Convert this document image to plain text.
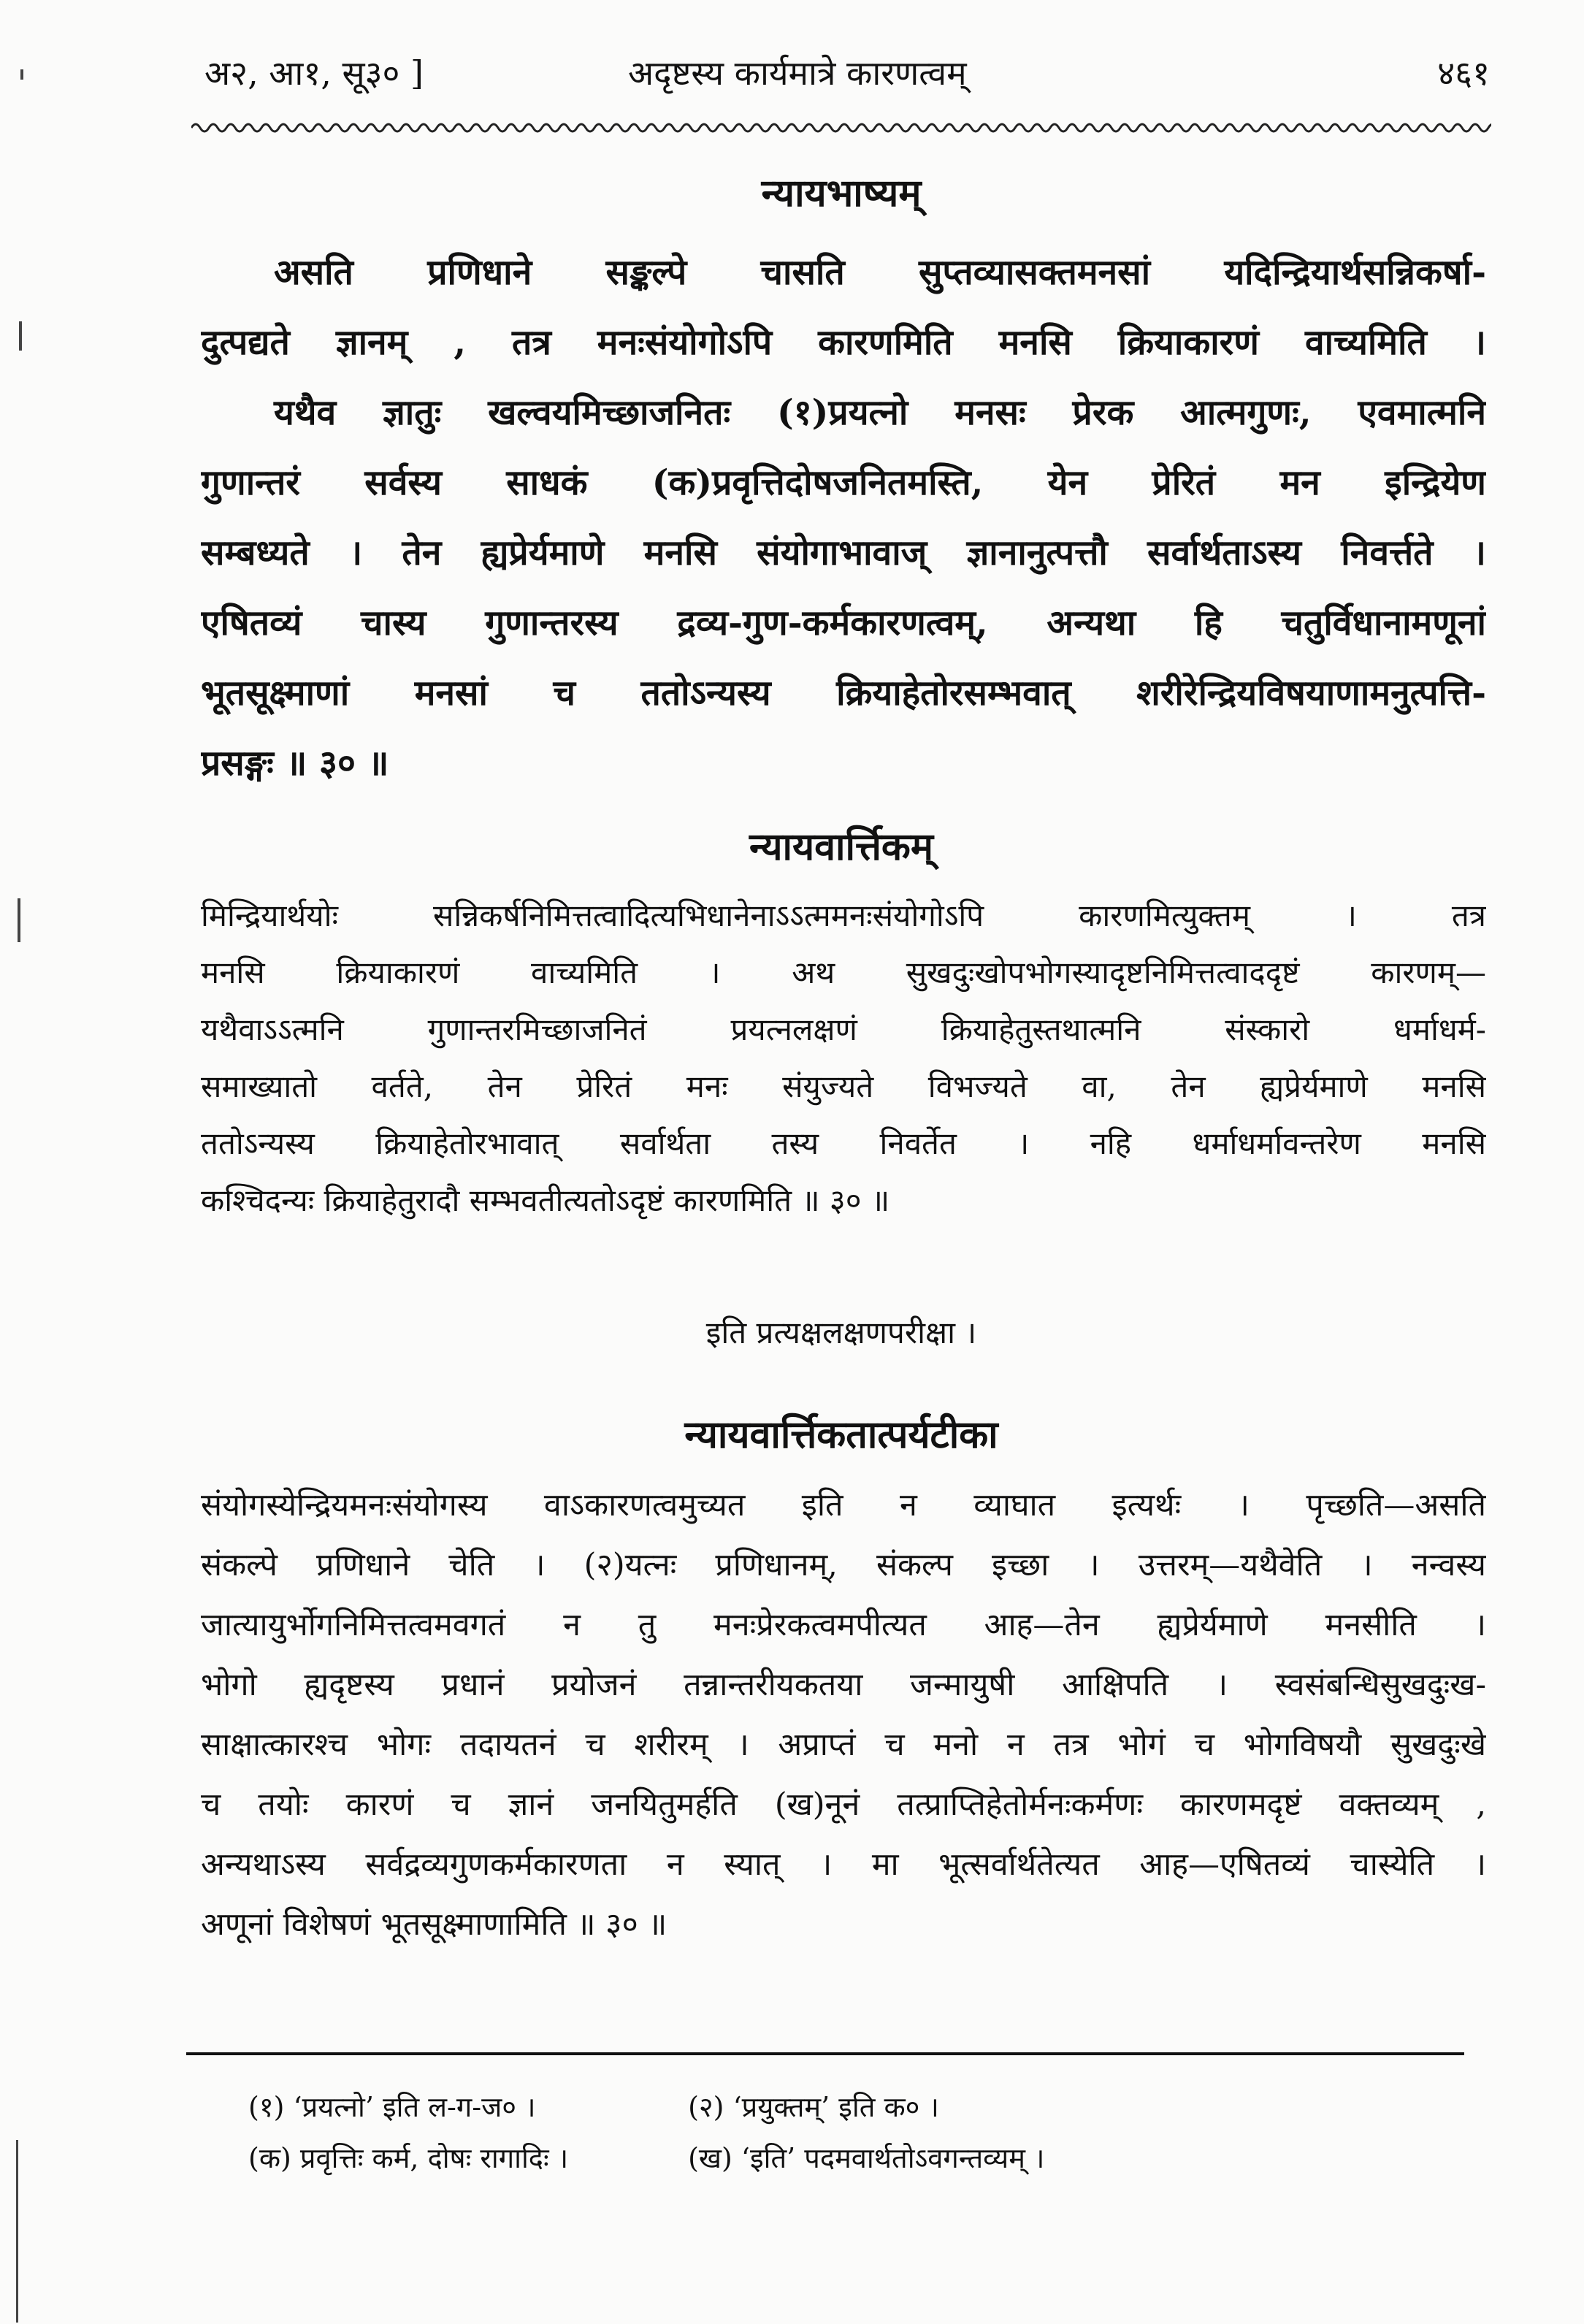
अ२, आ१, सू३० ]	अदृष्टस्य कार्यमात्रे कारणत्वम्	४६१
न्यायभाष्यम्
असति प्रणिधाने सङ्कल्पे चासति सुप्तव्यासक्तमनसां यदिन्द्रियार्थसन्निकर्षा-
दुत्पद्यते ज्ञानम् , तत्र मनःसंयोगोऽपि कारणमिति मनसि क्रियाकारणं वाच्यमिति ।
यथैव ज्ञातुः खल्वयमिच्छाजनितः (१)प्रयत्नो मनसः प्रेरक आत्मगुणः, एवमात्मनि
गुणान्तरं सर्वस्य साधकं (क)प्रवृत्तिदोषजनितमस्ति, येन प्रेरितं मन इन्द्रियेण
सम्बध्यते । तेन ह्यप्रेर्यमाणे मनसि संयोगाभावाज् ज्ञानानुत्पत्तौ सर्वार्थताऽस्य निवर्त्तते ।
एषितव्यं चास्य गुणान्तरस्य द्रव्य-गुण-कर्मकारणत्वम्, अन्यथा हि चतुर्विधानामणूनां
भूतसूक्ष्माणां मनसां च ततोऽन्यस्य क्रियाहेतोरसम्भवात् शरीरेन्द्रियविषयाणामनुत्पत्ति-
प्रसङ्गः ॥ ३० ॥
न्यायवार्त्तिकम्
मिन्द्रियार्थयोः सन्निकर्षनिमित्तत्वादित्यभिधानेनाऽऽत्ममनःसंयोगोऽपि कारणमित्युक्तम् । तत्र
मनसि क्रियाकारणं वाच्यमिति । अथ सुखदुःखोपभोगस्यादृष्टनिमित्तत्वाददृष्टं कारणम्—
यथैवाऽऽत्मनि गुणान्तरमिच्छाजनितं प्रयत्नलक्षणं क्रियाहेतुस्तथात्मनि संस्कारो धर्माधर्म-
समाख्यातो वर्तते, तेन प्रेरितं मनः संयुज्यते विभज्यते वा, तेन ह्यप्रेर्यमाणे मनसि
ततोऽन्यस्य क्रियाहेतोरभावात् सर्वार्थता तस्य निवर्तेत । नहि धर्माधर्मावन्तरेण मनसि
कश्चिदन्यः क्रियाहेतुरादौ सम्भवतीत्यतोऽदृष्टं कारणमिति ॥ ३० ॥
इति प्रत्यक्षलक्षणपरीक्षा ।
न्यायवार्त्तिकतात्पर्यटीका
संयोगस्येन्द्रियमनःसंयोगस्य वाऽकारणत्वमुच्यत इति न व्याघात इत्यर्थः । पृच्छति—असति
संकल्पे प्रणिधाने चेति । (२)यत्नः प्रणिधानम्, संकल्प इच्छा । उत्तरम्—यथैवेति । नन्वस्य
जात्यायुर्भोगनिमित्तत्वमवगतं न तु मनःप्रेरकत्वमपीत्यत आह—तेन ह्यप्रेर्यमाणे मनसीति ।
भोगो ह्यदृष्टस्य प्रधानं प्रयोजनं तन्नान्तरीयकतया जन्मायुषी आक्षिपति । स्वसंबन्धिसुखदुःख-
साक्षात्कारश्च भोगः तदायतनं च शरीरम् । अप्राप्तं च मनो न तत्र भोगं च भोगविषयौ सुखदुःखे
च तयोः कारणं च ज्ञानं जनयितुमर्हति (ख)नूनं तत्प्राप्तिहेतोर्मनःकर्मणः कारणमदृष्टं वक्तव्यम् ,
अन्यथाऽस्य सर्वद्रव्यगुणकर्मकारणता न स्यात् । मा भूत्सर्वार्थतेत्यत आह—एषितव्यं चास्येति ।
अणूनां विशेषणं भूतसूक्ष्माणामिति ॥ ३० ॥
(१) ‘प्रयत्नो’ इति ल-ग-ज० ।	(२) ‘प्रयुक्तम्’ इति क० ।
(क) प्रवृत्तिः कर्म, दोषः रागादिः ।	(ख) ‘इति’ पदमवार्थतोऽवगन्तव्यम् ।
